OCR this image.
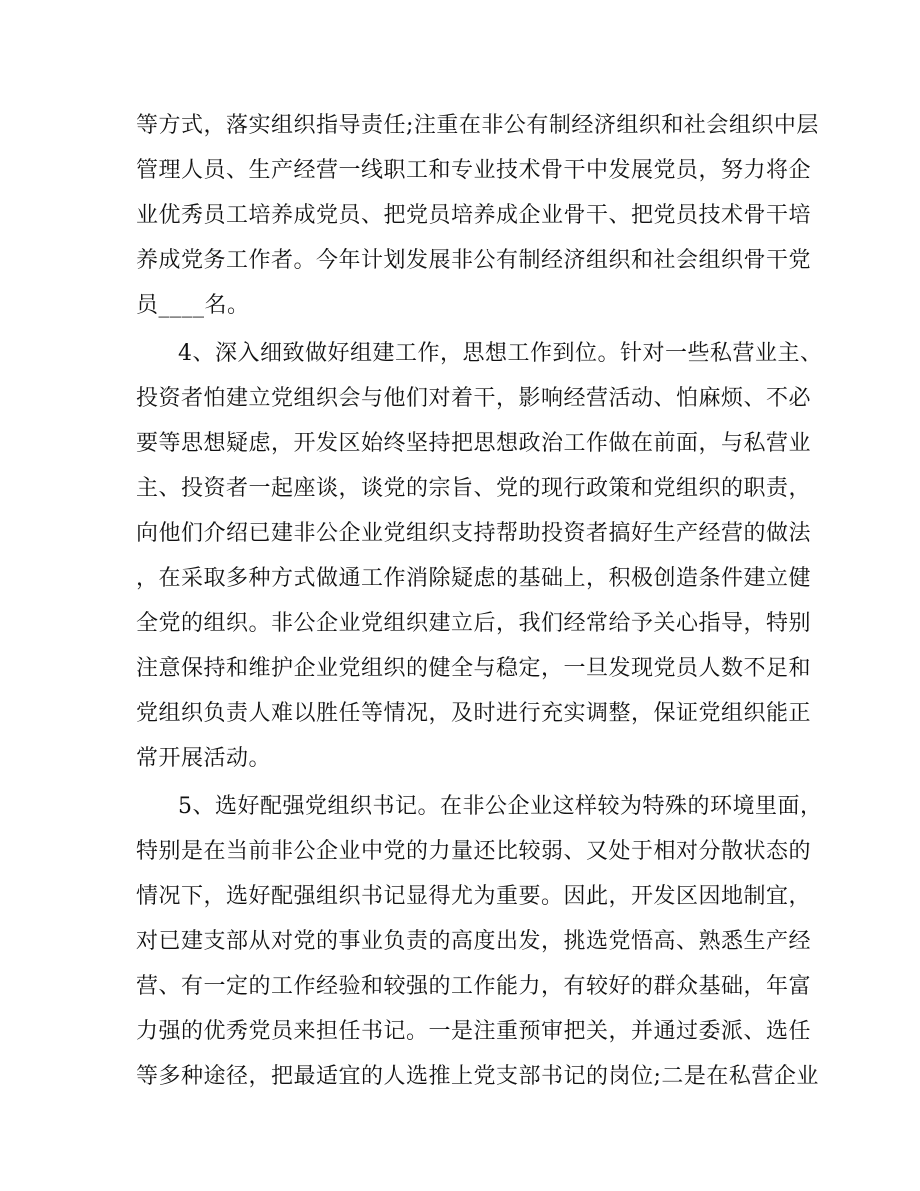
等方式，落实组织指导责任;注重在非公有制经济组织和社会组织中层
管理人员、生产经营一线职工和专业技术骨干中发展党员，努力将企
业优秀员工培养成党员、把党员培养成企业骨干、把党员技术骨干培
养成党务工作者。今年计划发展非公有制经济组织和社会组织骨干党
员____名。
4、深入细致做好组建工作，思想工作到位。针对一些私营业主、
投资者怕建立党组织会与他们对着干，影响经营活动、怕麻烦、不必
要等思想疑虑，开发区始终坚持把思想政治工作做在前面，与私营业
主、投资者一起座谈，谈党的宗旨、党的现行政策和党组织的职责，
向他们介绍已建非公企业党组织支持帮助投资者搞好生产经营的做法
，在采取多种方式做通工作消除疑虑的基础上，积极创造条件建立健
全党的组织。非公企业党组织建立后，我们经常给予关心指导，特别
注意保持和维护企业党组织的健全与稳定，一旦发现党员人数不足和
党组织负责人难以胜任等情况，及时进行充实调整，保证党组织能正
常开展活动。
5、选好配强党组织书记。在非公企业这样较为特殊的环境里面，
特别是在当前非公企业中党的力量还比较弱、又处于相对分散状态的
情况下，选好配强组织书记显得尤为重要。因此，开发区因地制宜，
对已建支部从对党的事业负责的高度出发，挑选党悟高、熟悉生产经
营、有一定的工作经验和较强的工作能力，有较好的群众基础，年富
力强的优秀党员来担任书记。一是注重预审把关，并通过委派、选任
等多种途径，把最适宜的人选推上党支部书记的岗位;二是在私营企业
